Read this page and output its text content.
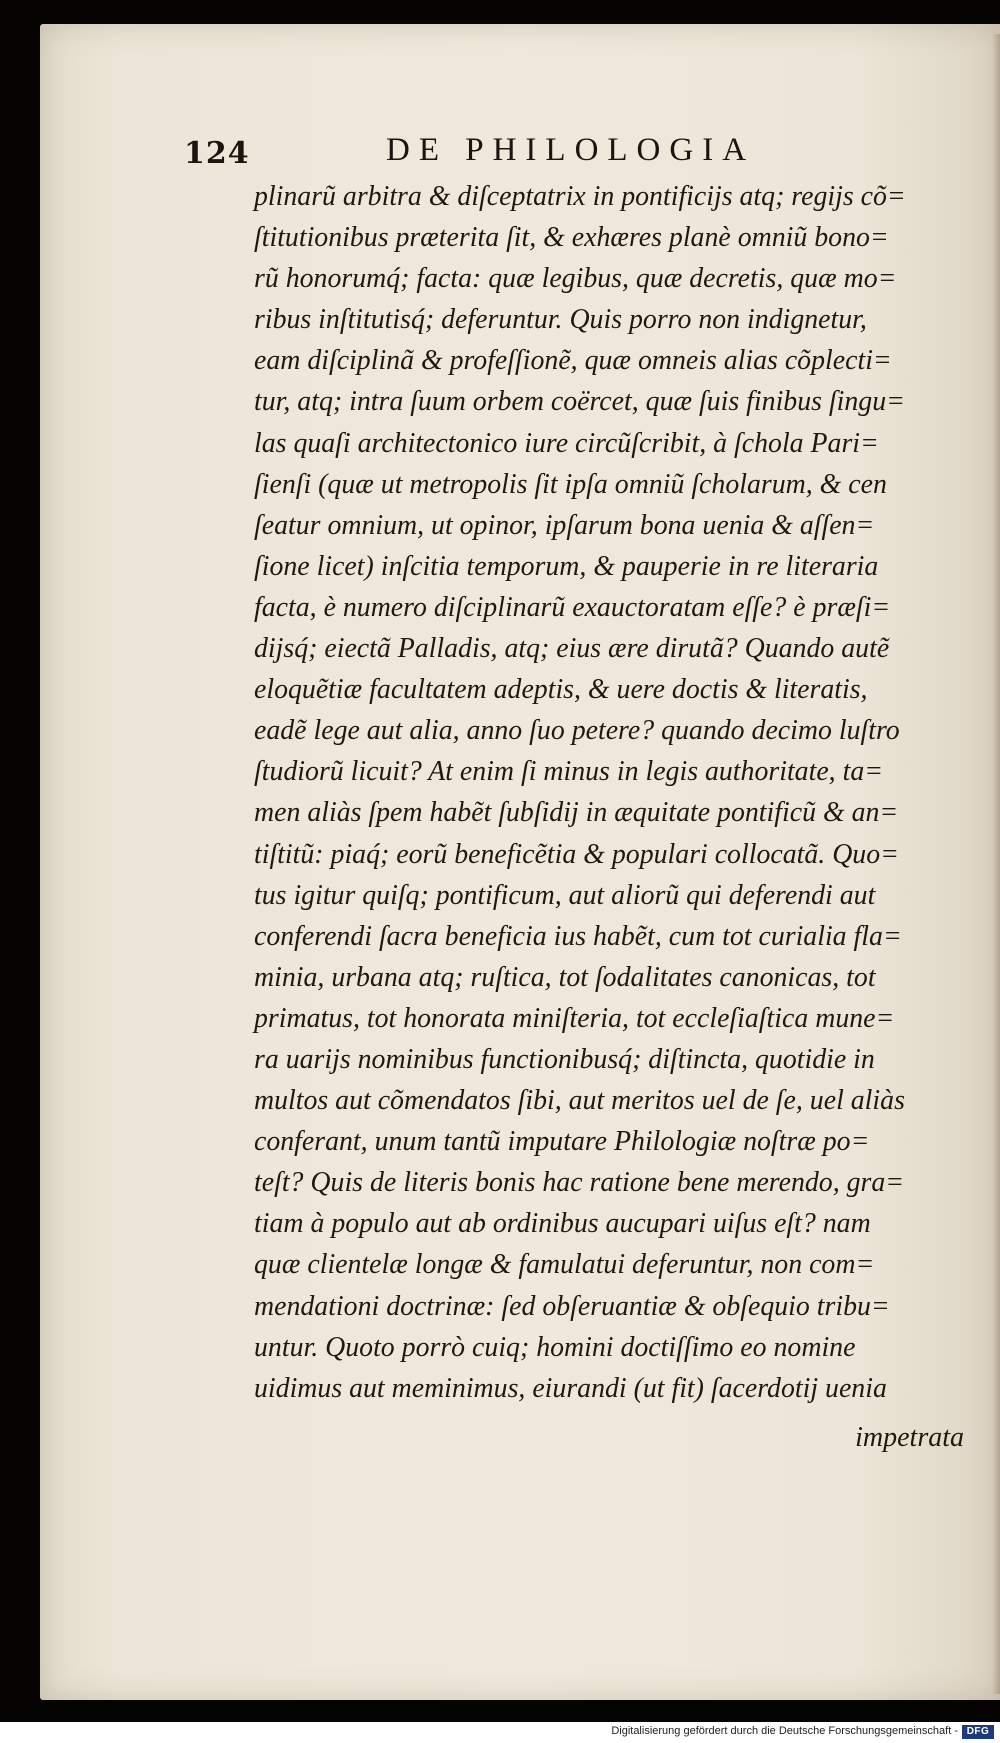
124	DE PHILOLOGIA
plinarũ arbitra & diſceptatrix in pontificijs atq; regijs cõ=
ſtitutionibus præterita ſit, & exhæres planè omniũ bono=
rũ honorumq́; facta: quæ legibus, quæ decretis, quæ mo=
ribus inſtitutisq́; deferuntur. Quis porro non indignetur,
eam diſciplinã & profeſſionẽ, quæ omneis alias cõplecti=
tur, atq; intra ſuum orbem coërcet, quæ ſuis finibus ſingu=
las quaſi architectonico iure circũſcribit, à ſchola Pari=
ſienſi (quæ ut metropolis ſit ipſa omniũ ſcholarum, & cen
ſeatur omnium, ut opinor, ipſarum bona uenia & aſſen=
ſione licet) inſcitia temporum, & pauperie in re literaria
facta, è numero diſciplinarũ exauctoratam eſſe? è præſi=
dijsq́; eiectã Palladis, atq; eius ære dirutã? Quando autẽ
eloquẽtiæ facultatem adeptis, & uere doctis & literatis,
eadẽ lege aut alia, anno ſuo petere? quando decimo luſtro
ſtudiorũ licuit? At enim ſi minus in legis authoritate, ta=
men aliàs ſpem habẽt ſubſidij in æquitate pontificũ & an=
tiſtitũ: piaq́; eorũ beneficẽtia & populari collocatã. Quo=
tus igitur quiſq; pontificum, aut aliorũ qui deferendi aut
conferendi ſacra beneficia ius habẽt, cum tot curialia fla=
minia, urbana atq; ruſtica, tot ſodalitates canonicas, tot
primatus, tot honorata miniſteria, tot eccleſiaſtica mune=
ra uarijs nominibus functionibusq́; diſtincta, quotidie in
multos aut cõmendatos ſibi, aut meritos uel de ſe, uel aliàs
conferant, unum tantũ imputare Philologiæ noſtræ po=
teſt? Quis de literis bonis hac ratione bene merendo, gra=
tiam à populo aut ab ordinibus aucupari uiſus eſt? nam
quæ clientelæ longæ & famulatui deferuntur, non com=
mendationi doctrinæ: ſed obſeruantiæ & obſequio tribu=
untur. Quoto porrò cuiq; homini doctiſſimo eo nomine
uidimus aut meminimus, eiurandi (ut fit) ſacerdotij uenia
impetrata
Digitalisierung gefördert durch die Deutsche Forschungsgemeinschaft - DFG
